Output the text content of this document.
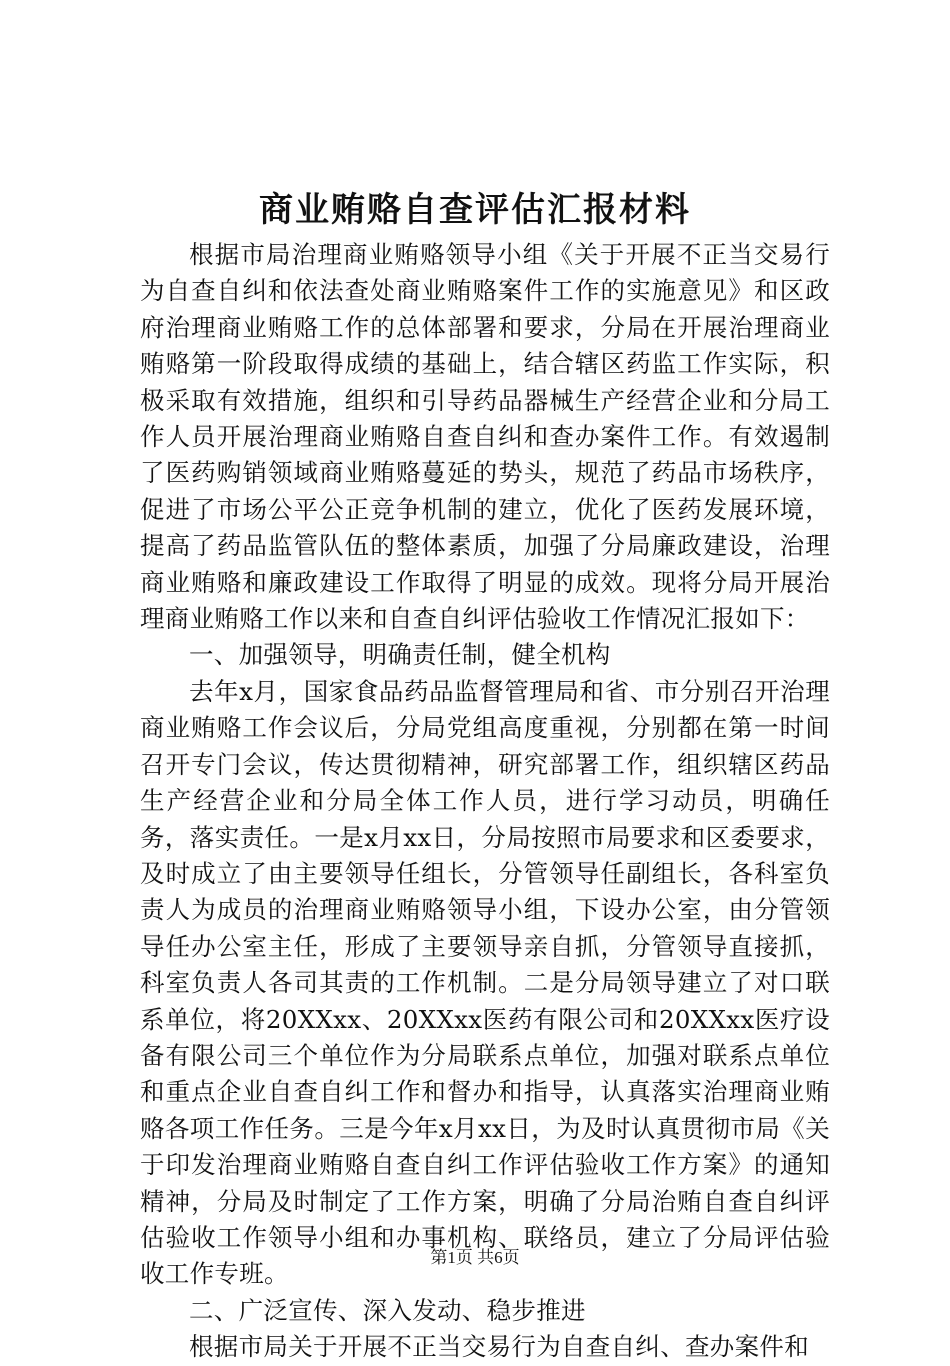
商业贿赂自查评估汇报材料

根据市局治理商业贿赂领导小组《关于开展不正当交易行为自查自纠和依法查处商业贿赂案件工作的实施意见》和区政府治理商业贿赂工作的总体部署和要求，分局在开展治理商业贿赂第一阶段取得成绩的基础上，结合辖区药监工作实际，积极采取有效措施，组织和引导药品器械生产经营企业和分局工作人员开展治理商业贿赂自查自纠和查办案件工作。有效遏制了医药购销领域商业贿赂蔓延的势头，规范了药品市场秩序，促进了市场公平公正竞争机制的建立，优化了医药发展环境，提高了药品监管队伍的整体素质，加强了分局廉政建设，治理商业贿赂和廉政建设工作取得了明显的成效。现将分局开展治理商业贿赂工作以来和自查自纠评估验收工作情况汇报如下：

一、加强领导，明确责任制，健全机构

去年x月，国家食品药品监督管理局和省、市分别召开治理商业贿赂工作会议后，分局党组高度重视，分别都在第一时间召开专门会议，传达贯彻精神，研究部署工作，组织辖区药品生产经营企业和分局全体工作人员，进行学习动员，明确任务，落实责任。一是x月xx日，分局按照市局要求和区委要求，及时成立了由主要领导任组长，分管领导任副组长，各科室负责人为成员的治理商业贿赂领导小组，下设办公室，由分管领导任办公室主任，形成了主要领导亲自抓，分管领导直接抓，科室负责人各司其责的工作机制。二是分局领导建立了对口联系单位，将20XXxx、20XXxx医药有限公司和20XXxx医疗设备有限公司三个单位作为分局联系点单位，加强对联系点单位和重点企业自查自纠工作和督办和指导，认真落实治理商业贿赂各项工作任务。三是今年x月xx日，为及时认真贯彻市局《关于印发治理商业贿赂自查自纠工作评估验收工作方案》的通知精神，分局及时制定了工作方案，明确了分局治贿自查自纠评估验收工作领导小组和办事机构、联络员，建立了分局评估验收工作专班。

二、广泛宣传、深入发动、稳步推进

根据市局关于开展不正当交易行为自查自纠、查办案件和

第1页 共6页
